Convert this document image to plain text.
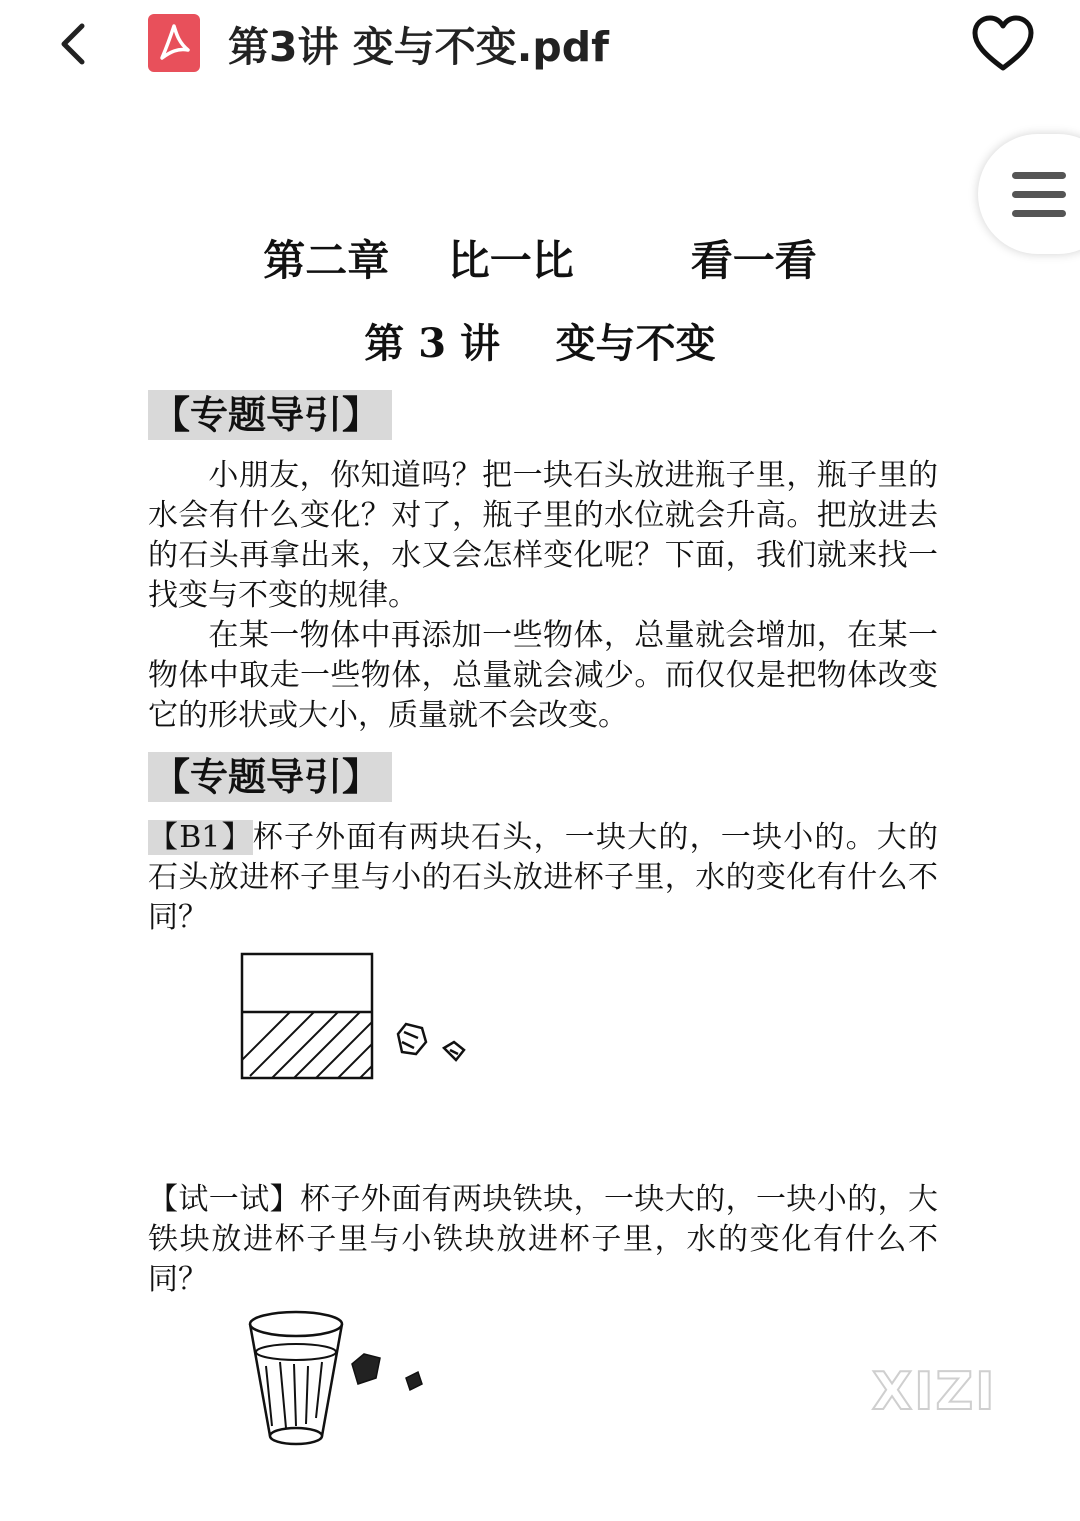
第3讲 变与不变.pdf
第二章    比一比        看一看
第 3 讲    变与不变
【专题导引】

小朋友，你知道吗？把一块石头放进瓶子里，瓶子里的水会有什么变化？对了，瓶子里的水位就会升高。把放进去的石头再拿出来，水又会怎样变化呢？下面，我们就来找一找变与不变的规律。

在某一物体中再添加一些物体，总量就会增加，在某一物体中取走一些物体，总量就会减少。而仅仅是把物体改变它的形状或大小，质量就不会改变。

【专题导引】

【B1】杯子外面有两块石头，一块大的，一块小的。大的石头放进杯子里与小的石头放进杯子里，水的变化有什么不同？

【试一试】杯子外面有两块铁块，一块大的，一块小的，大铁块放进杯子里与小铁块放进杯子里，水的变化有什么不同？

XIZI
